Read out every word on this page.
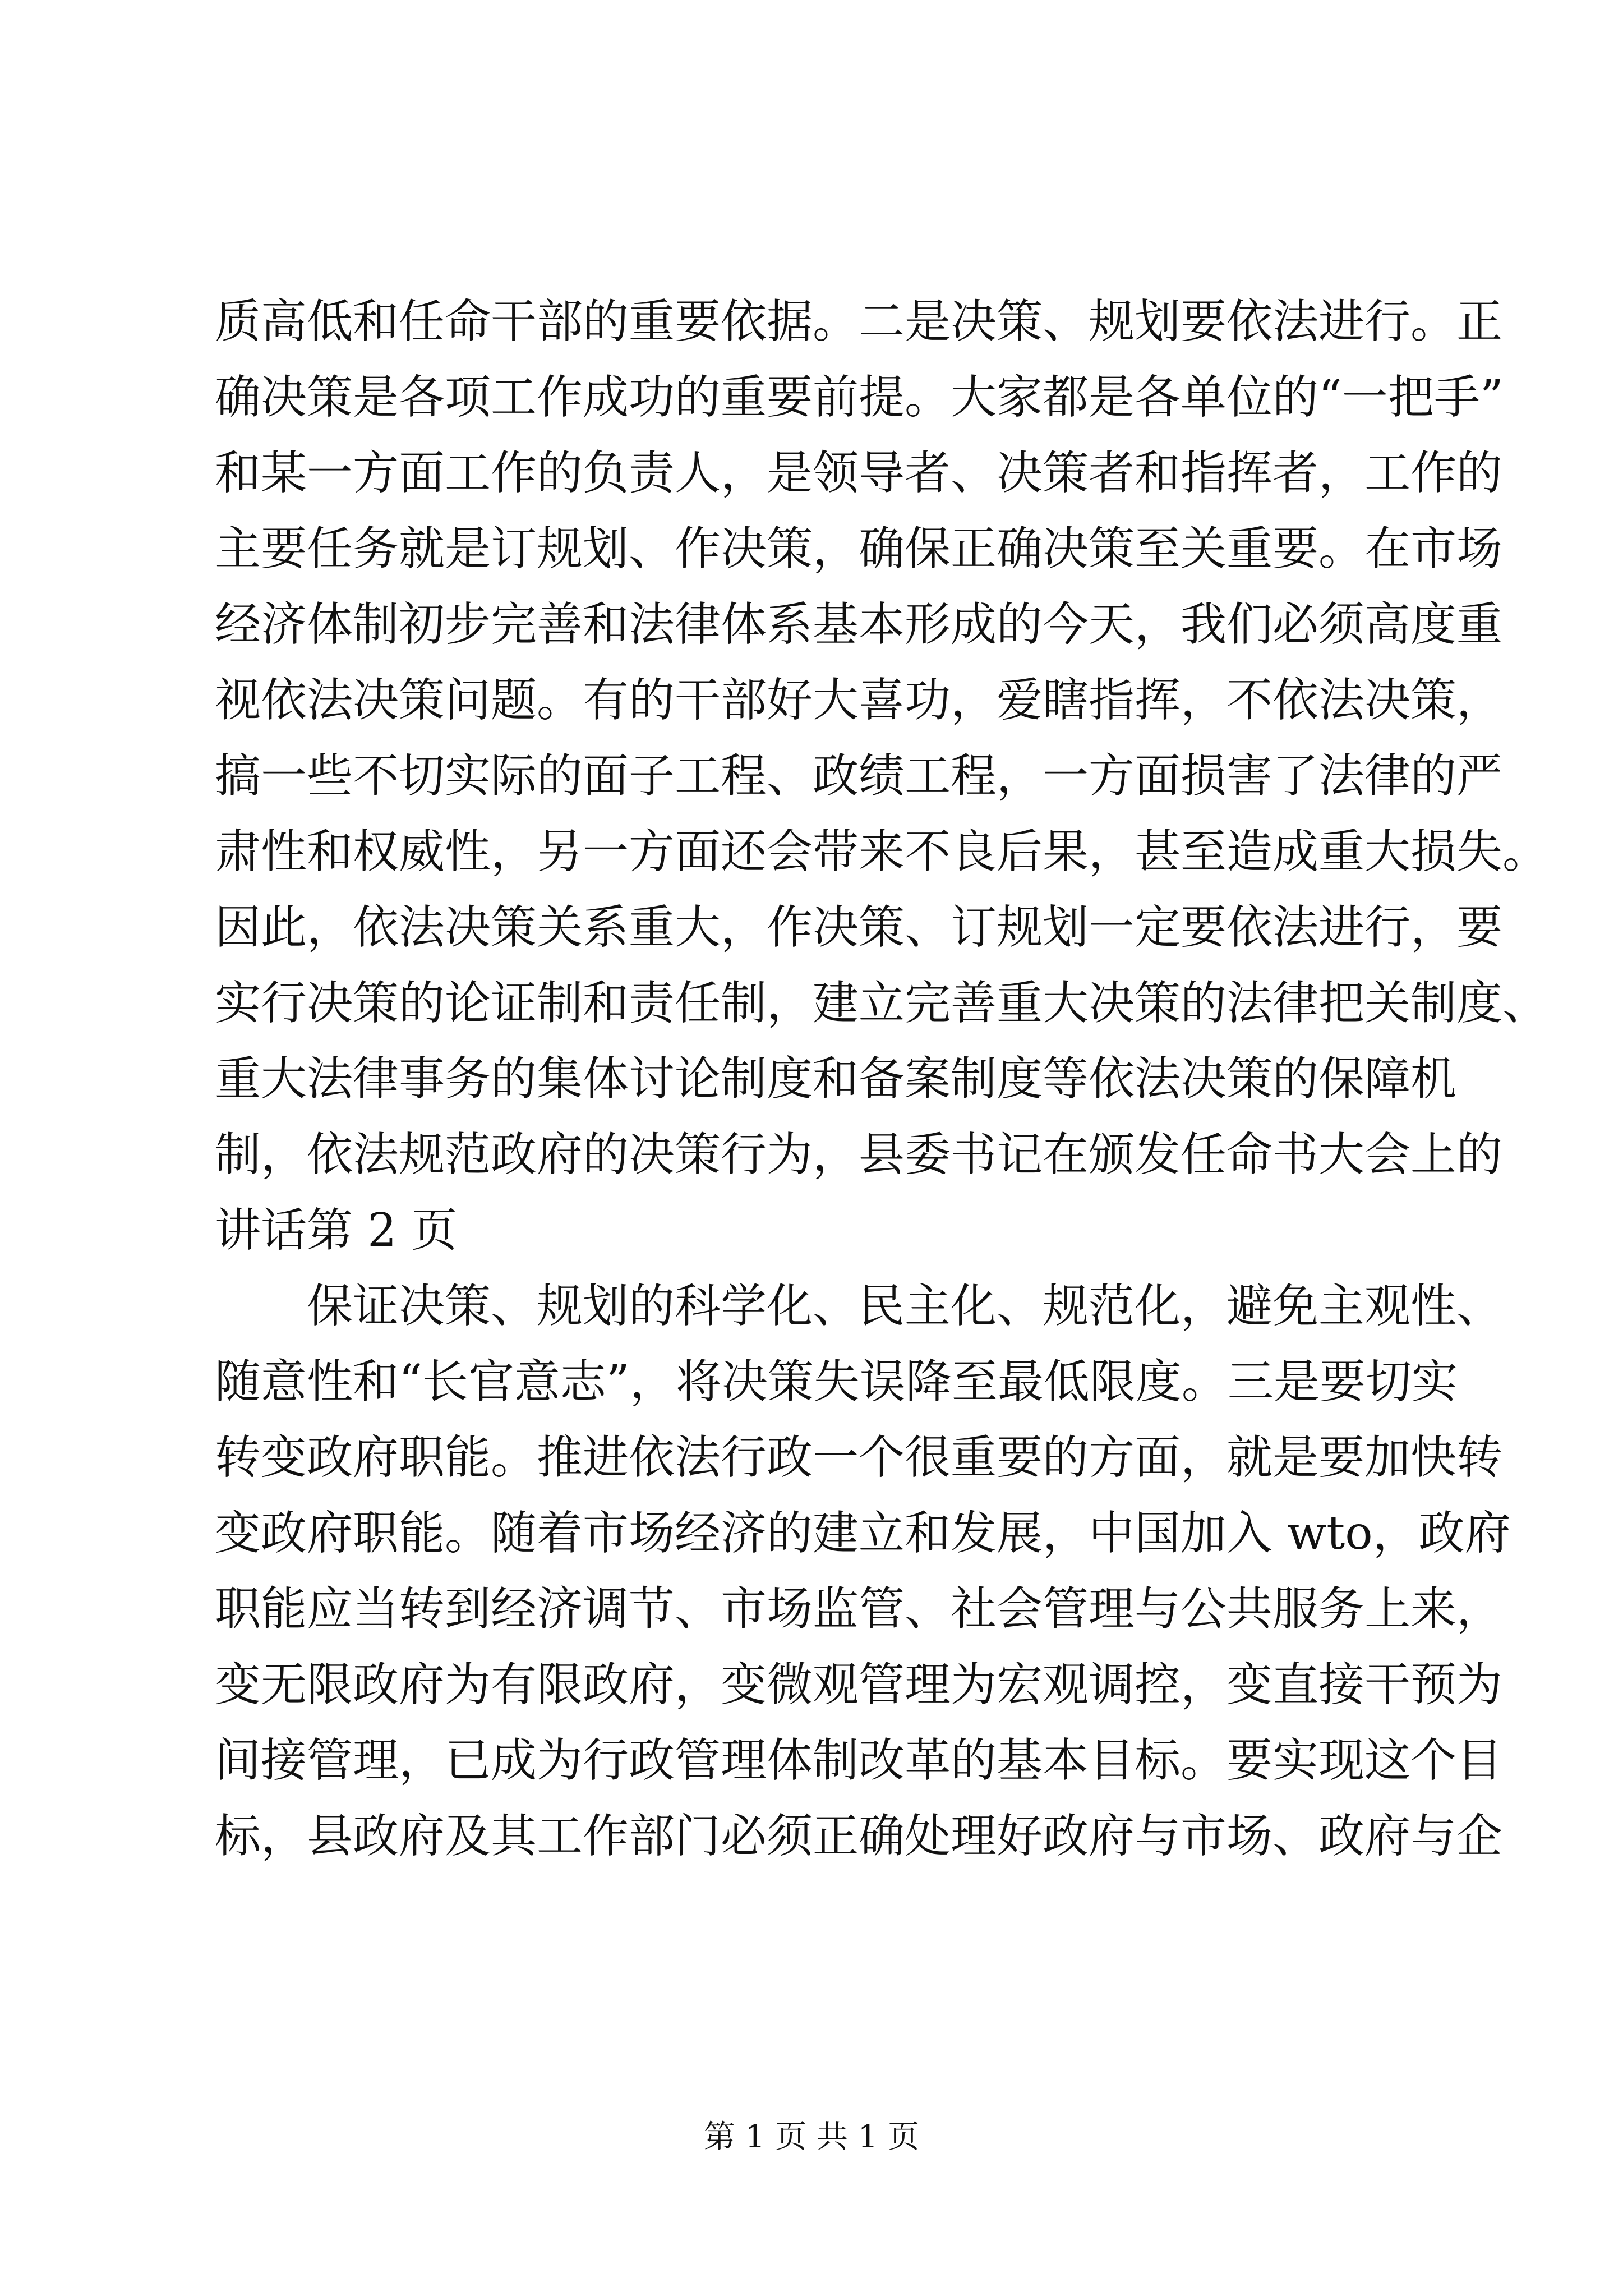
质高低和任命干部的重要依据。二是决策、规划要依法进行。正
确决策是各项工作成功的重要前提。大家都是各单位的“一把手”
和某一方面工作的负责人，是领导者、决策者和指挥者，工作的
主要任务就是订规划、作决策，确保正确决策至关重要。在市场
经济体制初步完善和法律体系基本形成的今天，我们必须高度重
视依法决策问题。有的干部好大喜功，爱瞎指挥，不依法决策，
搞一些不切实际的面子工程、政绩工程，一方面损害了法律的严
肃性和权威性，另一方面还会带来不良后果，甚至造成重大损失。
因此，依法决策关系重大，作决策、订规划一定要依法进行，要
实行决策的论证制和责任制，建立完善重大决策的法律把关制度、
重大法律事务的集体讨论制度和备案制度等依法决策的保障机
制，依法规范政府的决策行为，县委书记在颁发任命书大会上的
讲话第 2 页
保证决策、规划的科学化、民主化、规范化，避免主观性、
随意性和“长官意志”，将决策失误降至最低限度。三是要切实
转变政府职能。推进依法行政一个很重要的方面，就是要加快转
变政府职能。随着市场经济的建立和发展，中国加入 wto，政府
职能应当转到经济调节、市场监管、社会管理与公共服务上来，
变无限政府为有限政府，变微观管理为宏观调控，变直接干预为
间接管理，已成为行政管理体制改革的基本目标。要实现这个目
标，县政府及其工作部门必须正确处理好政府与市场、政府与企
第 1 页 共 1 页
